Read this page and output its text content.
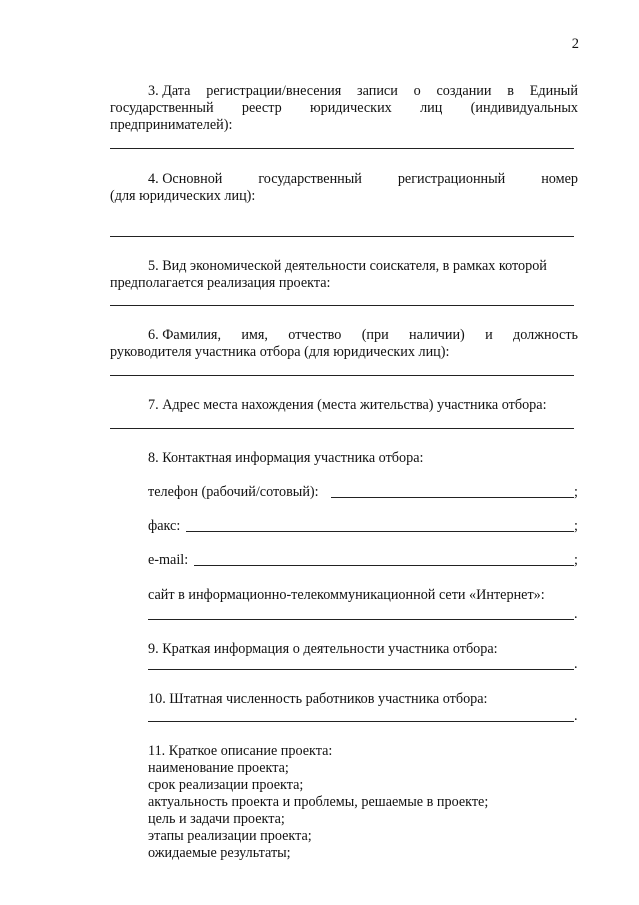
2
3. Дата регистрации/внесения записи о создании в Единый
государственный реестр юридических лиц (индивидуальных
предпринимателей):
4. Основной	государственный	регистрационный	номер
(для юридических лиц):
5. Вид экономической деятельности соискателя, в рамках которой
предполагается реализация проекта:
6. Фамилия, имя, отчество (при наличии) и должность
руководителя участника отбора (для юридических лиц):
7. Адрес места нахождения (места жительства) участника отбора:
8. Контактная информация участника отбора:
телефон (рабочий/сотовый):	;
факс:	;
e-mail:	;
сайт в информационно-телекоммуникационной сети «Интернет»:
.
9. Краткая информация о деятельности участника отбора:
.
10. Штатная численность работников участника отбора:
.
11. Краткое описание проекта:
наименование проекта;
срок реализации проекта;
актуальность проекта и проблемы, решаемые в проекте;
цель и задачи проекта;
этапы реализации проекта;
ожидаемые результаты;
